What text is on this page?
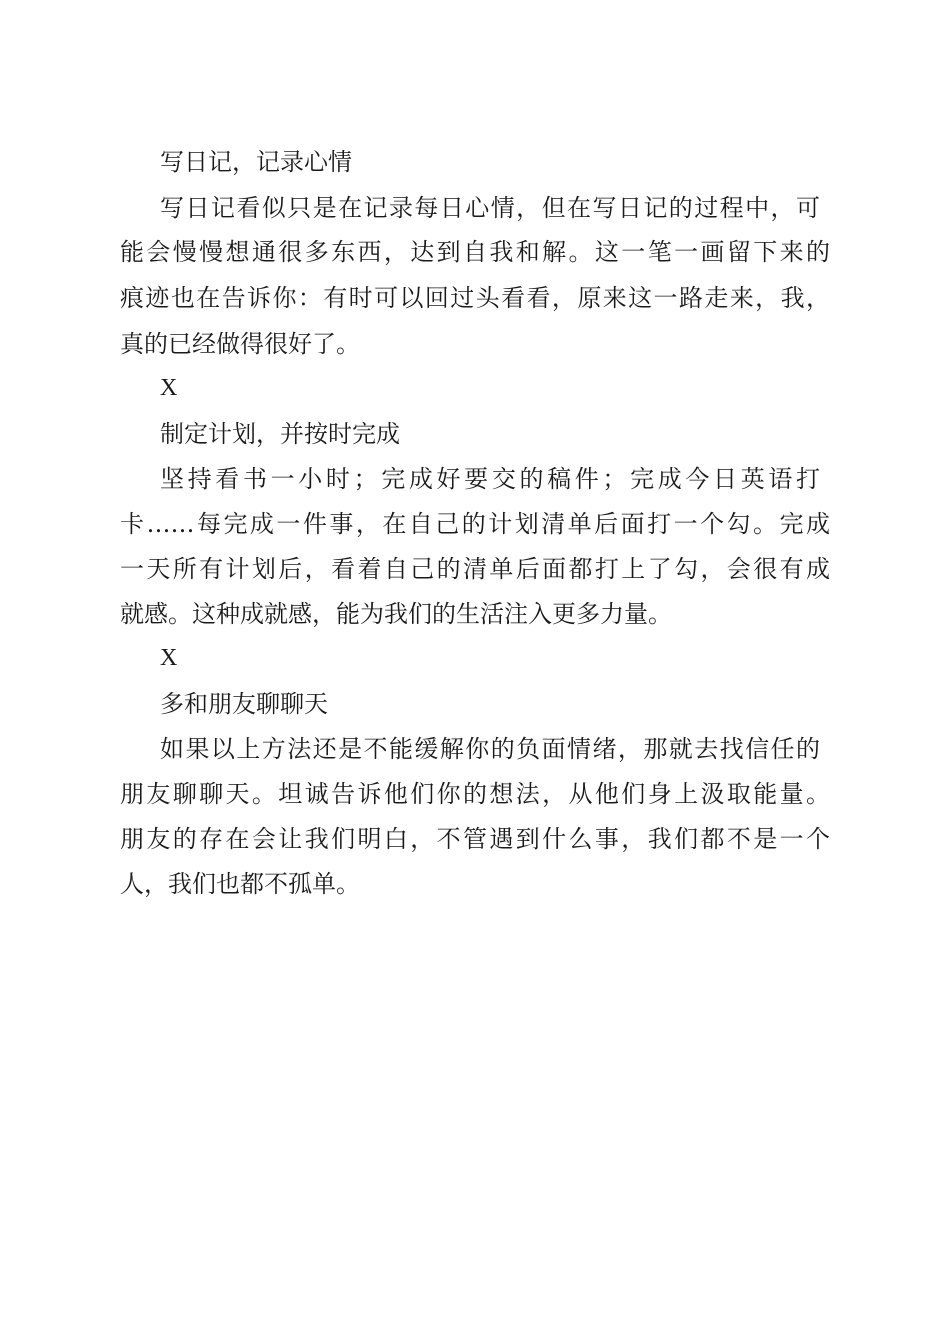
写日记，记录心情
写日记看似只是在记录每日心情，但在写日记的过程中，可
能会慢慢想通很多东西，达到自我和解。这一笔一画留下来的
痕迹也在告诉你：有时可以回过头看看，原来这一路走来，我，
真的已经做得很好了。
X
制定计划，并按时完成
坚持看书一小时；完成好要交的稿件；完成今日英语打
卡……每完成一件事，在自己的计划清单后面打一个勾。完成
一天所有计划后，看着自己的清单后面都打上了勾，会很有成
就感。这种成就感，能为我们的生活注入更多力量。
X
多和朋友聊聊天
如果以上方法还是不能缓解你的负面情绪，那就去找信任的
朋友聊聊天。坦诚告诉他们你的想法，从他们身上汲取能量。
朋友的存在会让我们明白，不管遇到什么事，我们都不是一个
人，我们也都不孤单。
